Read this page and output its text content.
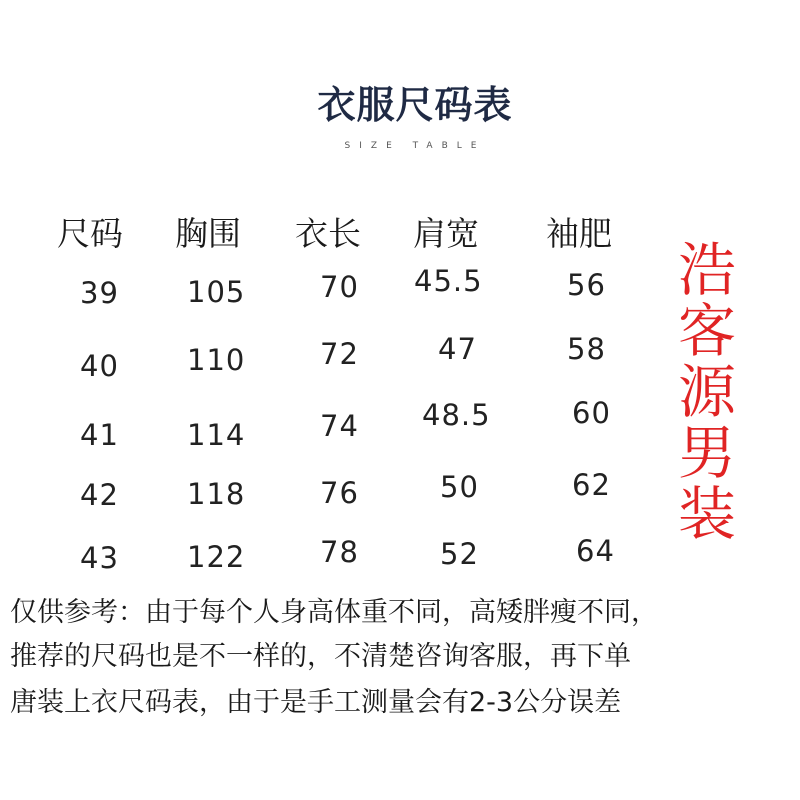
衣服尺码表
SIZE TABLE
尺码 胸围 衣长 肩宽 袖肥
39 105	70 45.5	56
40 110	72	47	58
41 114	74 48.5	60
42 118	76	50	62
43 122	78	52	64
浩客源男装
仅供参考：由于每个人身高体重不同，高矮胖瘦不同，
推荐的尺码也是不一样的，不清楚咨询客服，再下单
唐装上衣尺码表，由于是手工测量会有2-3公分误差
